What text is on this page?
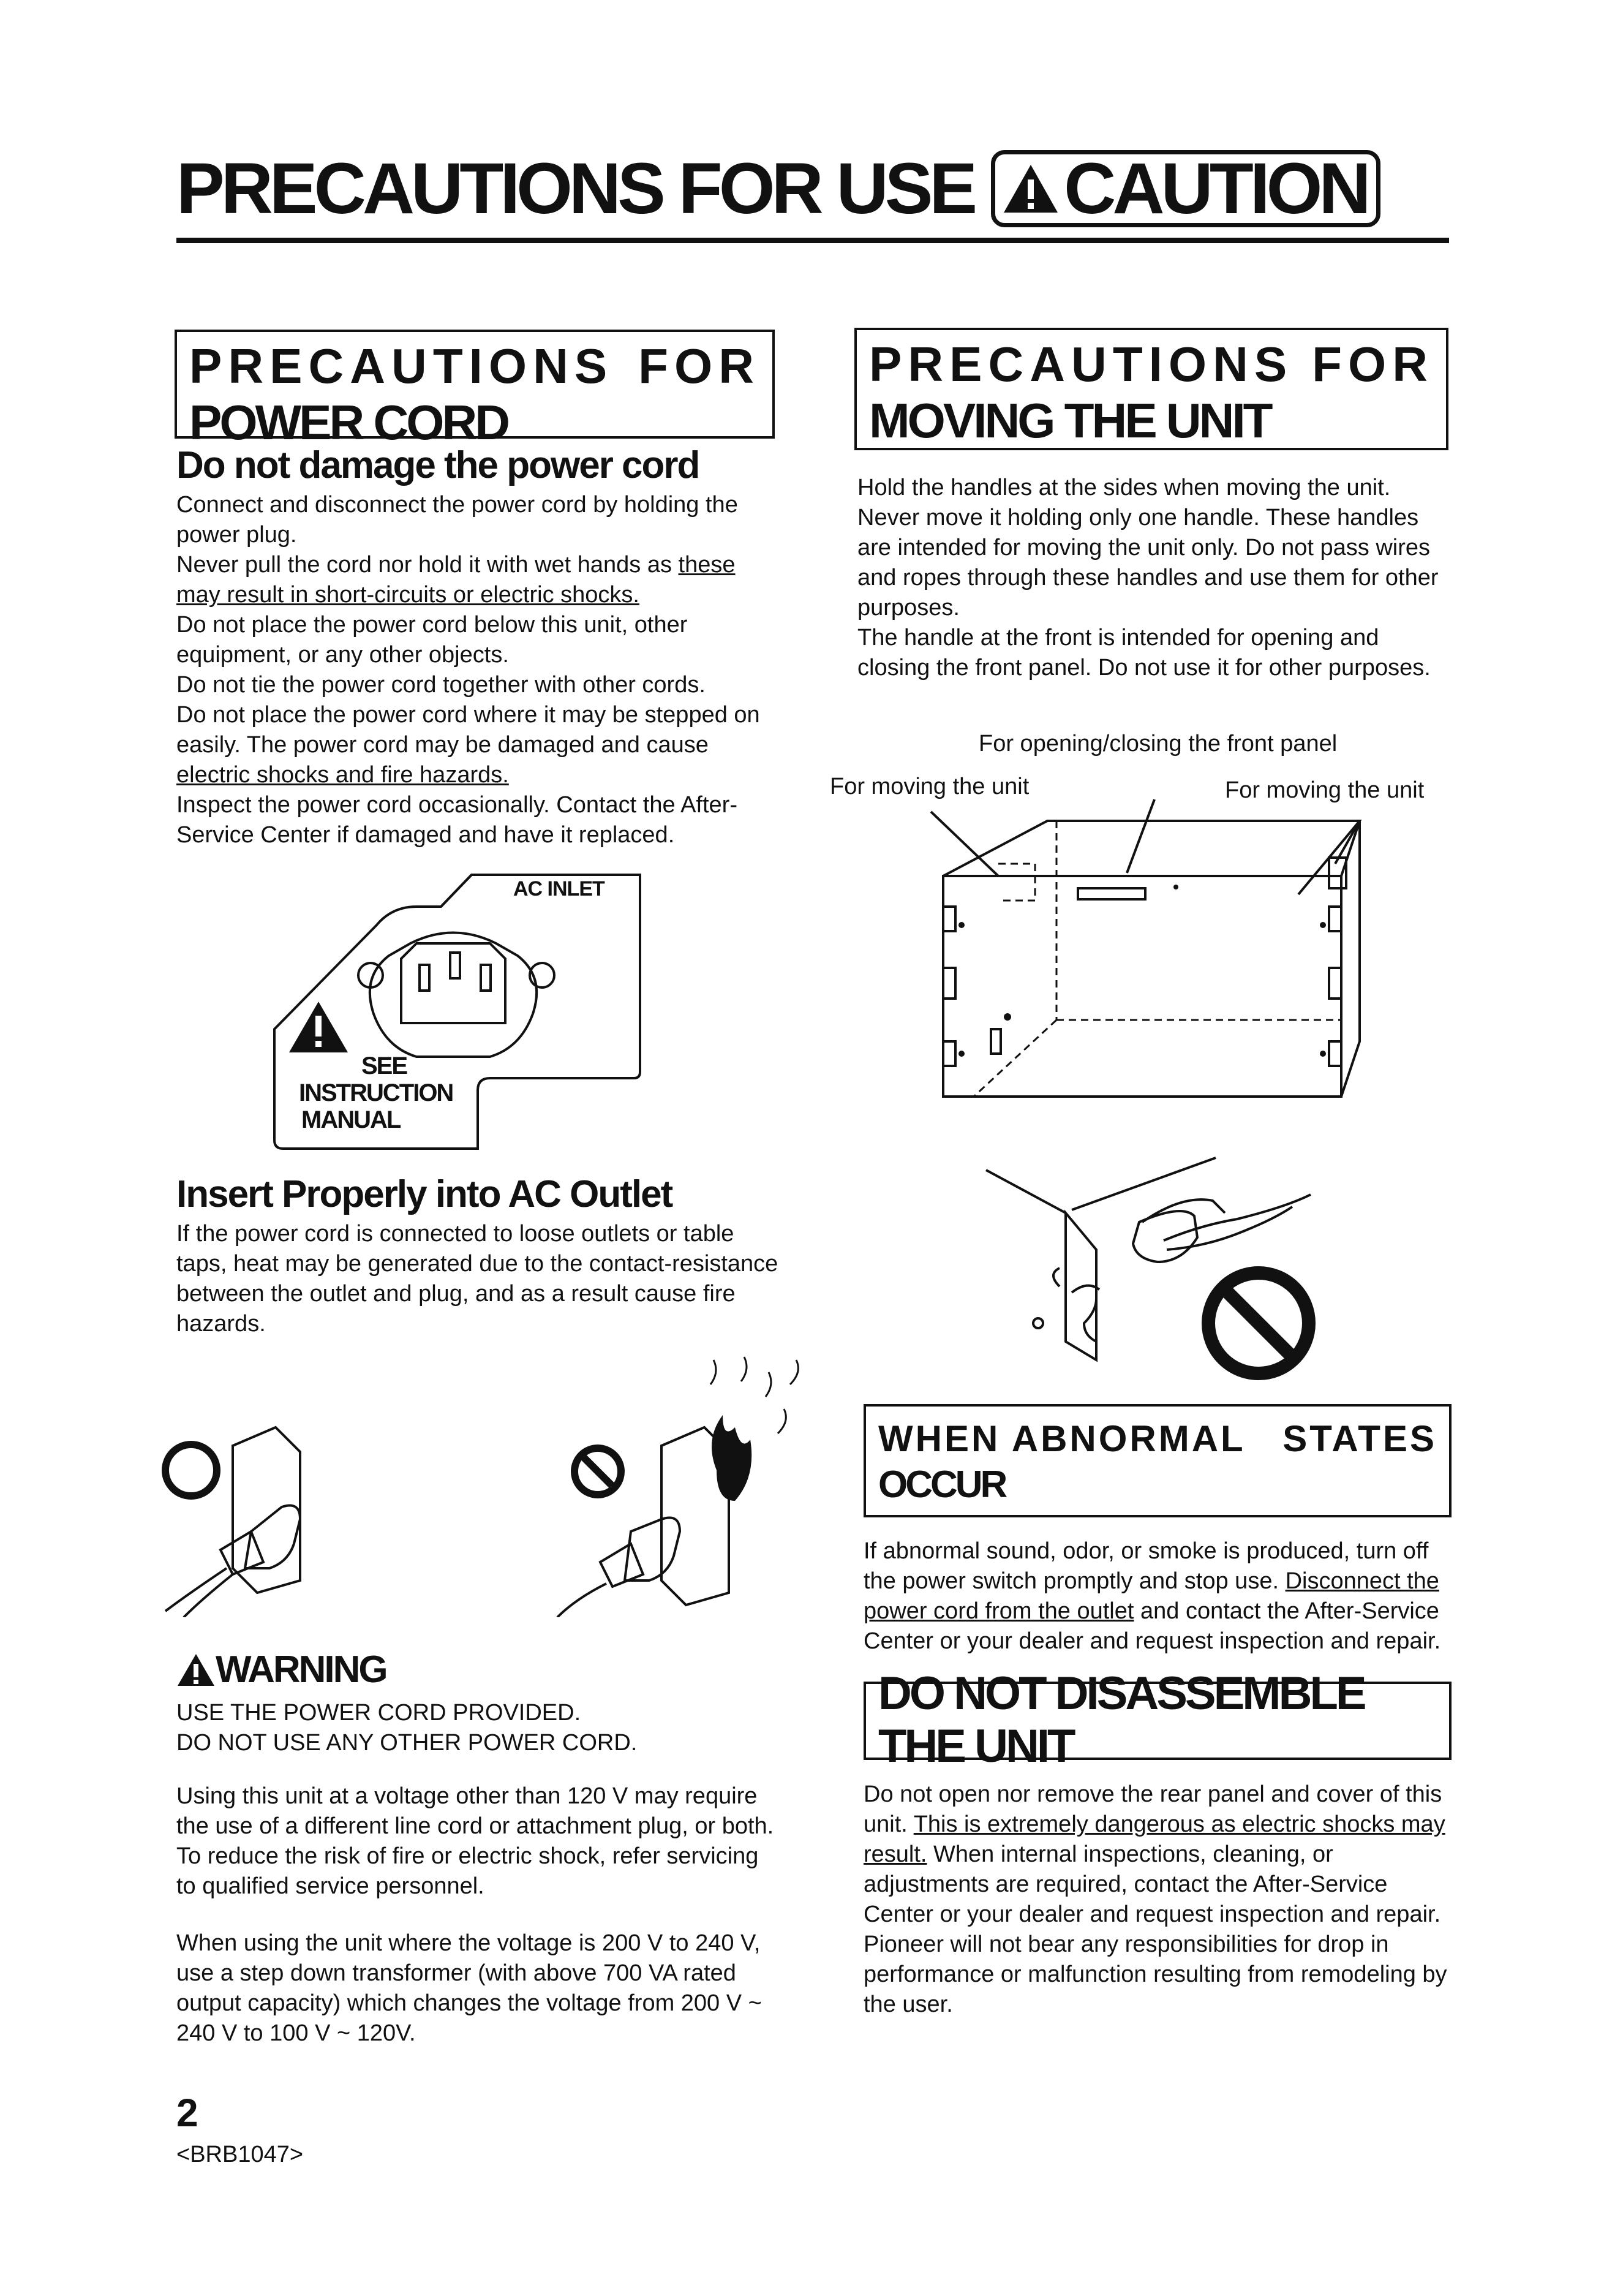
PRECAUTIONS FOR USE CAUTION
PRECAUTIONS FOR
POWER CORD
Do not damage the power cord

Connect and disconnect the power cord by holding the power plug.

Never pull the cord nor hold it with wet hands as these may result in short-circuits or electric shocks.

Do not place the power cord below this unit, other equipment, or any other objects.

Do not tie the power cord together with other cords.

Do not place the power cord where it may be stepped on easily. The power cord may be damaged and cause electric shocks and fire hazards.

Inspect the power cord occasionally. Contact the After-Service Center if damaged and have it replaced.

AC INLET
SEE
INSTRUCTION
MANUAL
Insert Properly into AC Outlet
If the power cord is connected to loose outlets or table taps, heat may be generated due to the contact-resistance between the outlet and plug, and as a result cause fire hazards.
WARNING

USE THE POWER CORD PROVIDED.

DO NOT USE ANY OTHER POWER CORD.

Using this unit at a voltage other than 120 V may require the use of a different line cord or attachment plug, or both. To reduce the risk of fire or electric shock, refer servicing to qualified service personnel.
When using the unit where the voltage is 200 V to 240 V, use a step down transformer (with above 700 VA rated output capacity) which changes the voltage from 200 V ~ 240 V to 100 V ~ 120V.
2
<BRB1047>
PRECAUTIONS FOR
MOVING THE UNIT

Hold the handles at the sides when moving the unit. Never move it holding only one handle. These handles are intended for moving the unit only. Do not pass wires and ropes through these handles and use them for other purposes.

The handle at the front is intended for opening and closing the front panel. Do not use it for other purposes.

For opening/closing the front panel
For moving the unit	For moving the unit
WHEN ABNORMAL STATES
OCCUR
If abnormal sound, odor, or smoke is produced, turn off the power switch promptly and stop use. Disconnect the power cord from the outlet and contact the After-Service Center or your dealer and request inspection and repair.
DO NOT DISASSEMBLE THE UNIT
Do not open nor remove the rear panel and cover of this unit. This is extremely dangerous as electric shocks may result. When internal inspections, cleaning, or adjustments are required, contact the After-Service Center or your dealer and request inspection and repair. Pioneer will not bear any responsibilities for drop in performance or malfunction resulting from remodeling by the user.
